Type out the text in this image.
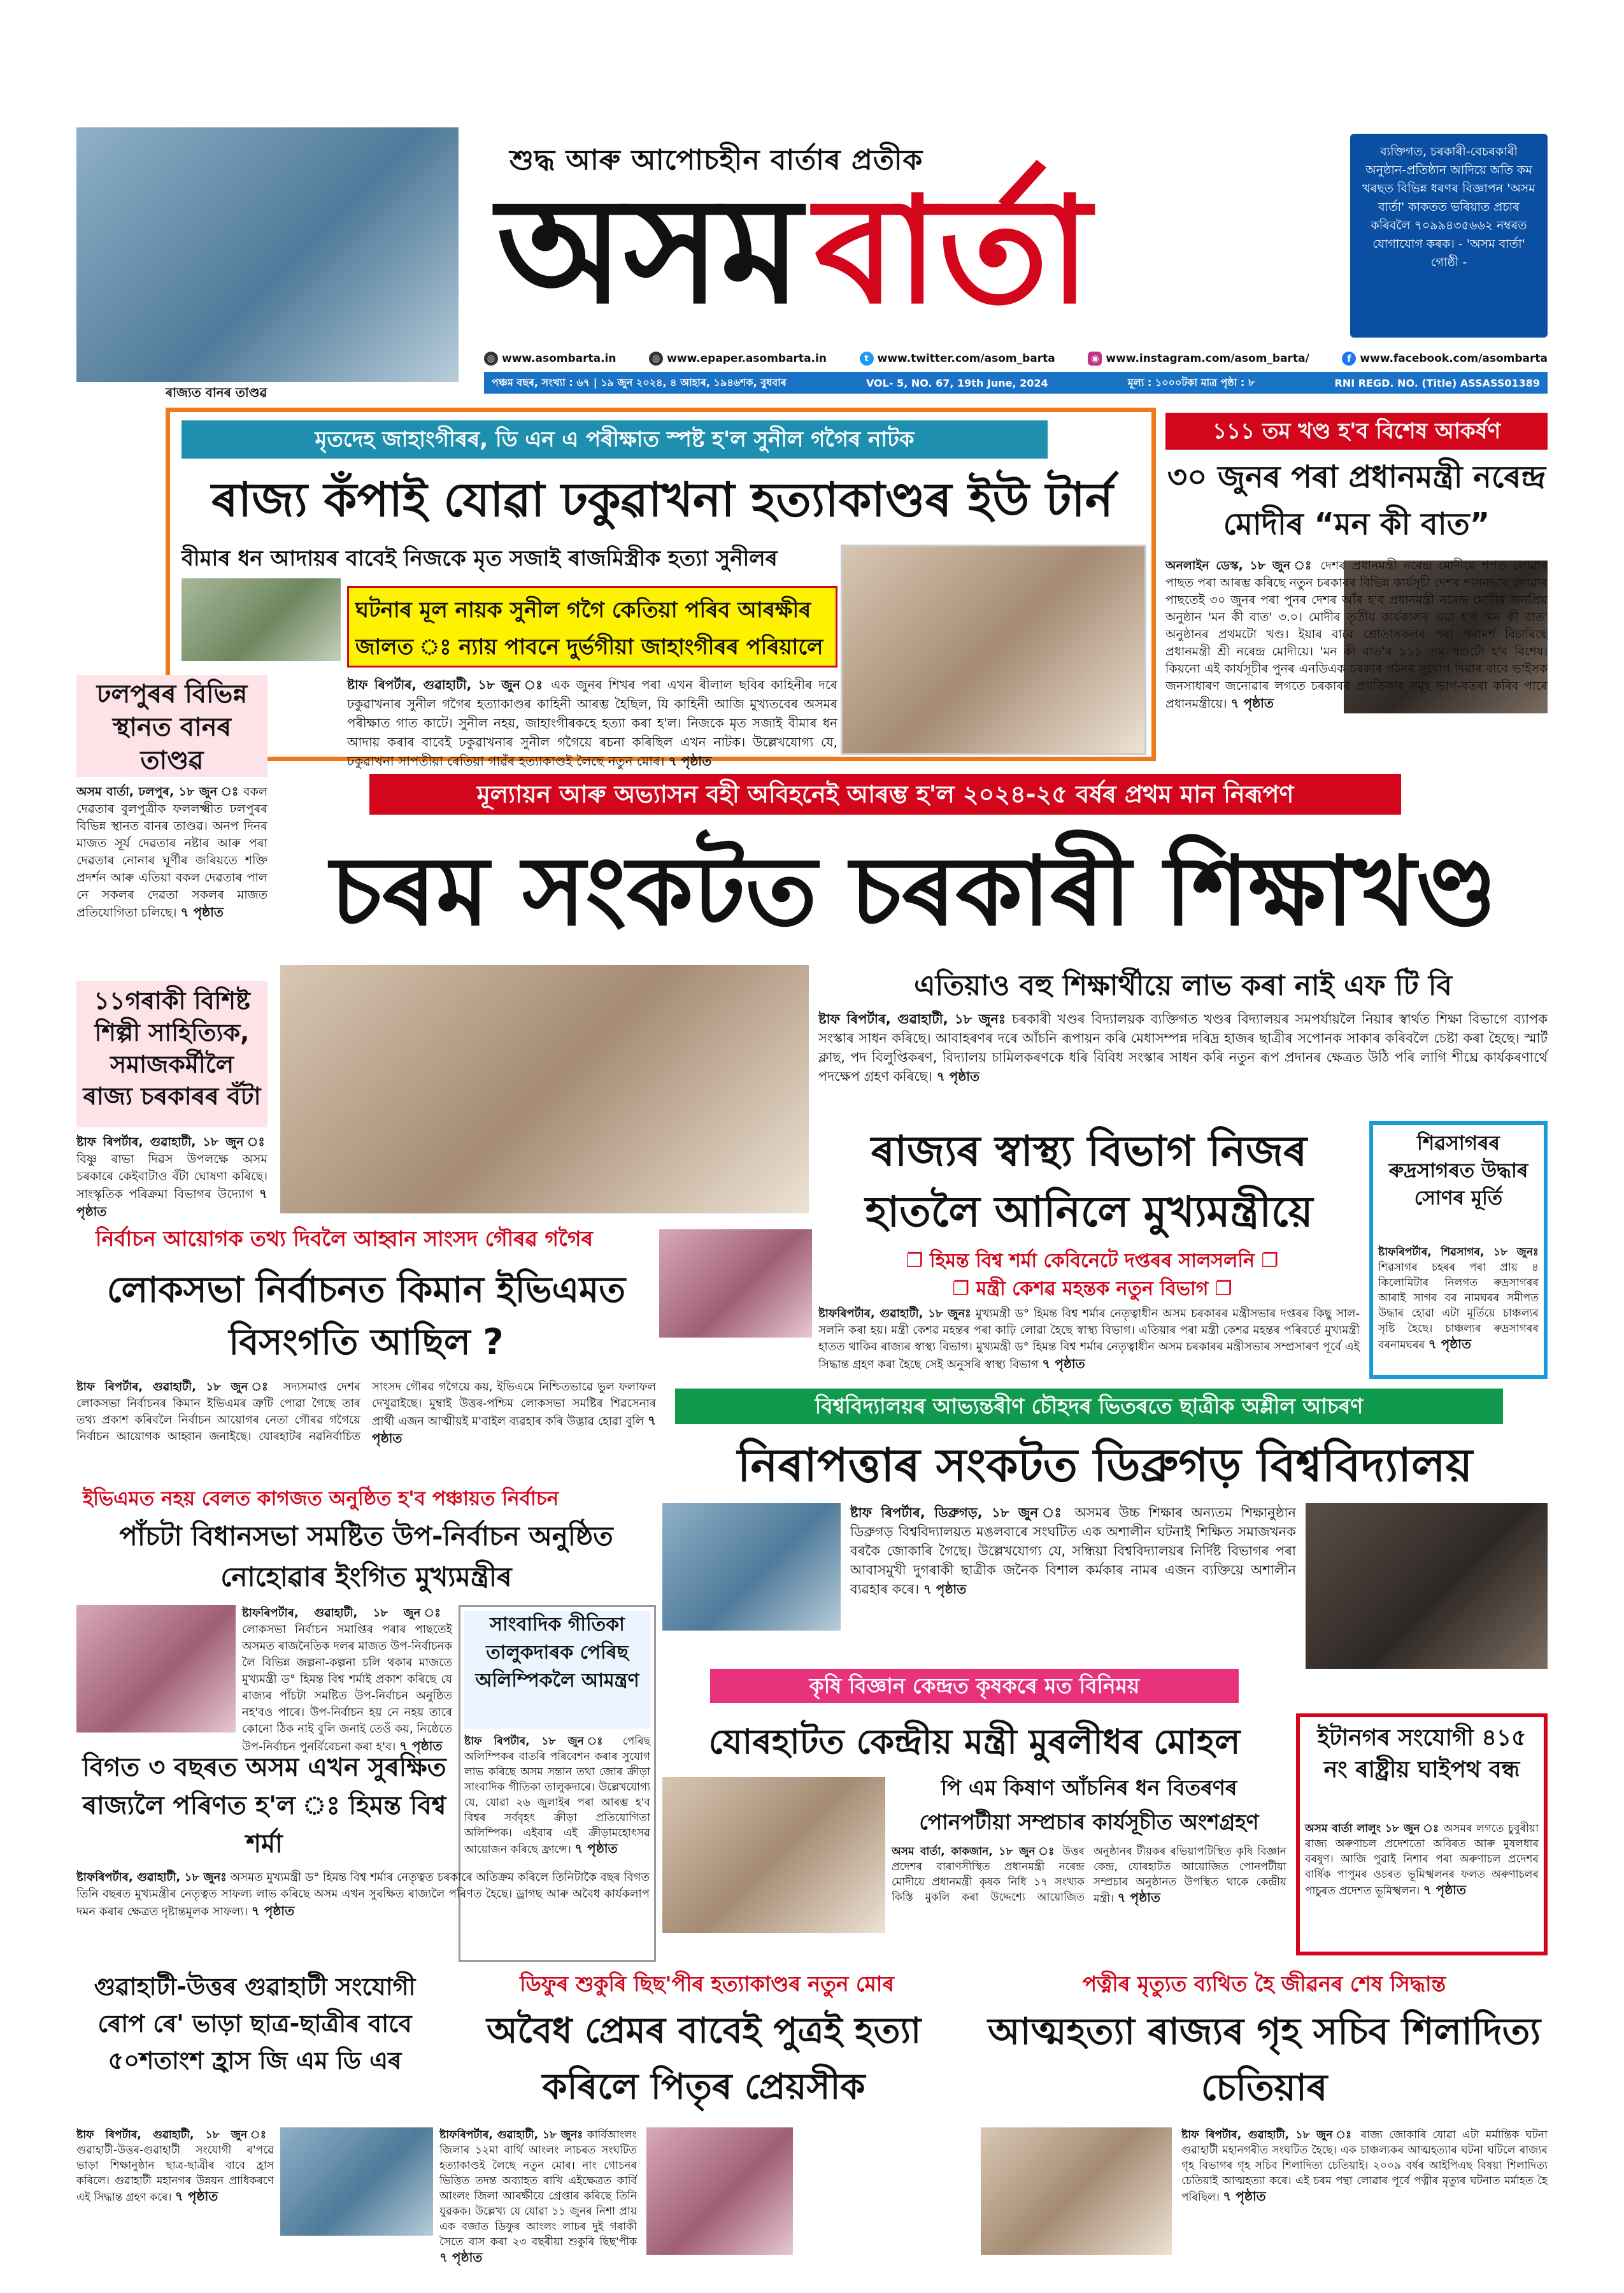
ৰাজ্যত বানৰ তাণ্ডৱ
শুদ্ধ আৰু আপোচহীন বাৰ্তাৰ প্ৰতীক
অসমবাৰ্তা
ব্যক্তিগত, চৰকাৰী-বেচৰকাৰী অনুষ্ঠান-প্ৰতিষ্ঠান আদিয়ে অতি কম খৰছত বিভিন্ন ধৰণৰ বিজ্ঞাপন 'অসম বাৰ্তা' কাকতত ভৰিয়াত প্ৰচাৰ কৰিবলৈ ৭০৯৯৪৩৫৬৬২ নম্বৰত যোগাযোগ কৰক। - 'অসম বাৰ্তা' গোষ্ঠী -
◎ www.asombarta.in	◎ www.epaper.asombarta.in	t www.twitter.com/asom_barta	◉ www.instagram.com/asom_barta/	f www.facebook.com/asombarta
পঞ্চম বছৰ, সংখ্যা : ৬৭ | ১৯ জুন ২০২৪, ৪ আহাৰ, ১৯৪৬শক, বুধবাৰ	VOL- 5, NO. 67, 19th June, 2024	মূল্য : ১০০০টকা মাত্ৰ পৃষ্ঠা : ৮	RNI REGD. NO. (Title) ASSASS01389
মৃতদেহ জাহাংগীৰৰ, ডি এন এ পৰীক্ষাত স্পষ্ট হ'ল সুনীল গগৈৰ নাটক
ৰাজ্য কঁপাই যোৱা ঢকুৱাখনা হত্যাকাণ্ডৰ ইউ টাৰ্ন
বীমাৰ ধন আদায়ৰ বাবেই নিজকে মৃত সজাই ৰাজমিস্ত্ৰীক হত্যা সুনীলৰ
ঘটনাৰ মূল নায়ক সুনীল গগৈ কেতিয়া পৰিব আৰক্ষীৰ জালত ঃ ন্যায় পাবনে দুৰ্ভগীয়া জাহাংগীৰৰ পৰিয়ালে
ষ্টাফ ৰিপৰ্টাৰ, গুৱাহাটী, ১৮ জুন ঃ এক জুনৰ শিখৰ পৰা এখন ৰীলাল ছবিৰ কাহিনীৰ দৰে ঢকুৱাখনাৰ সুনীল গগৈৰ হত্যাকাণ্ডৰ কাহিনী আৰম্ভ হৈছিল, যি কাহিনী আজি মুখ্যতবেৰ অসমৰ পৰীক্ষাত গাত কাটে। সুনীল নহয়, জাহাংগীৰকহে হত্যা কৰা হ'ল। নিজকে মৃত সজাই বীমাৰ ধন আদায় কৰাৰ বাবেই ঢকুৱাখনাৰ সুনীল গগৈয়ে ৰচনা কৰিছিল এখন নাটক। উল্লেখযোগ্য যে, ঢকুৱাখনা সাপতীয়া ৰেতিয়া গাৱঁৰ হত্যাকাণ্ডই লৈছে নতুন মোৰ। ৭ পৃষ্ঠাত
১১১ তম খণ্ড হ'ব বিশেষ আকৰ্ষণ
৩০ জুনৰ পৰা প্ৰধানমন্ত্ৰী নৰেন্দ্ৰ মোদীৰ “মন কী বাত”
অনলাইন ডেস্ক, ১৮ জুন ঃ দেশৰ প্ৰধানমন্ত্ৰী নৰেন্দ্ৰ মোদীয়ে শপত লোৱাৰ পাছত পৰা আৰম্ভ কৰিছে নতুন চৰকাৰৰ বিভিন্ন কাৰ্যসূচী দেশৰ শাসনভাৰ লোৱাৰ পাছতেই ৩০ জুনৰ পৰা পুনৰ দেশৰ আঁৰ হ'ব প্ৰধানমন্ত্ৰী নৰেন্দ্ৰ মোদীৰ জনপ্ৰিয় অনুষ্ঠান 'মন কী বাত' ৩.০। মোদীৰ তৃতীয় কাৰ্যকালৰ এয়া হ'ব 'মন কী বাত' অনুষ্ঠানৰ প্ৰথমটো খণ্ড। ইয়াৰ বাবে শ্ৰোতাসকলৰ পৰা পৰামৰ্শ বিচাৰিছে প্ৰধানমন্ত্ৰী শ্ৰী নৰেন্দ্ৰ মোদীয়ে। 'মন কী বাত'ৰ ১১১ তম খণ্ডটো হ'ব বিশেষ। কিয়নো এই কাৰ্যসূচীৰ পুনৰ এনডিএক চৰকাৰ গঠনৰ সুযোগ দিয়াৰ বাবে ভাইসক জনসাধাৰণ জনোৱাৰ লগতে চৰকাৰৰ প্ৰগতিকাৰ সমূহ ভাগ-বতৰা কৰিব পাৰে প্ৰধানমন্ত্ৰীয়ে। ৭ পৃষ্ঠাত
ঢলপুৰৰ বিভিন্ন স্থানত বানৰ তাণ্ডৱ
অসম বাৰ্তা, ঢলপুৰ, ১৮ জুন ঃ বকল দেৱতাৰ বুলপুত্ৰীক ফললক্ষ্মীত ঢলপুৰৰ বিভিন্ন স্থানত বানৰ তাণ্ডৱ। অনপ দিনৰ মাজত সূৰ্য দেৱতাৰ নষ্টাৰ আৰু পৰা দেৱতাৰ নোনাৰ ঘূৰ্ণীৰ জৰিয়তে শক্তি প্ৰদৰ্শন আৰু এতিয়া বকল দেৱতাৰ পাল নে সকলৰ দেৱতা সকলৰ মাজত প্ৰতিযোগিতা চলিছে। ৭ পৃষ্ঠাত
মূল্যায়ন আৰু অভ্যাসন বহী অবিহনেই আৰম্ভ হ'ল ২০২৪-২৫ বৰ্ষৰ প্ৰথম মান নিৰূপণ
চৰম সংকটত চৰকাৰী শিক্ষাখণ্ড
এতিয়াও বহু শিক্ষাৰ্থীয়ে লাভ কৰা নাই এফ টি বি
ষ্টাফ ৰিপৰ্টাৰ, গুৱাহাটী, ১৮ জুনঃ চৰকাৰী খণ্ডৰ বিদ্যালয়ক ব্যক্তিগত খণ্ডৰ বিদ্যালয়ৰ সমপৰ্যায়লৈ নিয়াৰ স্বাৰ্থত শিক্ষা বিভাগে ব্যাপক সংস্কাৰ সাধন কৰিছে। আবাহৰণৰ দৰে আঁচনি ৰূপায়ন কৰি মেধাসম্পন্ন দৰিদ্ৰ হাজৰ ছাত্ৰীৰ সপোনক সাকাৰ কৰিবলৈ চেষ্টা কৰা হৈছে। স্মাৰ্ট ক্লাছ, পদ বিলুপ্তিকৰণ, বিদ্যালয় চামিলকৰণকে ধৰি বিবিধ সংস্কাৰ সাধন কৰি নতুন ৰূপ প্ৰদানৰ ক্ষেত্ৰত উঠি পৰি লাগি শীঘ্ৰে কাৰ্যকৰণাৰ্থে পদক্ষেপ গ্ৰহণ কৰিছে। ৭ পৃষ্ঠাত
১১গৰাকী বিশিষ্ট শিল্পী সাহিত্যিক, সমাজকৰ্মীলৈ ৰাজ্য চৰকাৰৰ বঁটা
ষ্টাফ ৰিপৰ্টাৰ, গুৱাহাটী, ১৮ জুন ঃ বিষ্ণু ৰাভা দিৱস উপলক্ষে অসম চৰকাৰে কেইবাটাও বঁটা ঘোষণা কৰিছে। সাংস্কৃতিক পৰিক্ৰমা বিভাগৰ উদ্যোগ ৭ পৃষ্ঠাত
ৰাজ্যৰ স্বাস্থ্য বিভাগ নিজৰ হাতলৈ আনিলে মুখ্যমন্ত্ৰীয়ে
❐ হিমন্ত বিশ্ব শৰ্মা কেবিনেটে দপ্তৰৰ সালসলনি ❐
❐ মন্ত্ৰী কেশৱ মহন্তক নতুন বিভাগ ❐
ষ্টাফৰিপৰ্টাৰ, গুৱাহাটী, ১৮ জুনঃ মুখ্যমন্ত্ৰী ড° হিমন্ত বিশ্ব শৰ্মাৰ নেতৃত্বাধীন অসম চৰকাৰৰ মন্ত্ৰীসভাৰ দপ্তৰৰ কিছু সাল-সলনি কৰা হয়। মন্ত্ৰী কেশৱ মহন্তৰ পৰা কাঢ়ি লোৱা হৈছে স্বাস্থ্য বিভাগ। এতিয়াৰ পৰা মন্ত্ৰী কেশৱ মহন্তৰ পৰিবৰ্তে মুখ্যমন্ত্ৰী হাতত থাকিব ৰাজ্যৰ স্বাস্থ্য বিভাগ। মুখ্যমন্ত্ৰী ড° হিমন্ত বিশ্ব শৰ্মাৰ নেতৃত্বাধীন অসম চৰকাৰৰ মন্ত্ৰীসভাৰ সম্প্ৰসাৰণ পূৰ্বে এই সিদ্ধান্ত গ্ৰহণ কৰা হৈছে সেই অনুসৰি স্বাস্থ্য বিভাগ ৭ পৃষ্ঠাত
শিৱসাগৰৰ ৰুদ্ৰসাগৰত উদ্ধাৰ সোণৰ মূৰ্তি
ষ্টাফৰিপৰ্টাৰ, শিৱসাগৰ, ১৮ জুনঃ শিৱসাগৰ চহৰৰ পৰা প্ৰায় ৪ কিলোমিটাৰ নিলগত ৰুদ্ৰসাগৰৰ আৰাই সাগৰ বৰ নামঘৰৰ সমীপত উদ্ধাৰ হোৱা এটা মূৰ্তিয়ে চাঞ্চল্যৰ সৃষ্টি হৈছে। চাঞ্চল্যৰ ৰুদ্ৰসাগৰৰ বৰনামঘৰৰ ৭ পৃষ্ঠাত
নিৰ্বাচন আয়োগক তথ্য দিবলৈ আহ্বান সাংসদ গৌৰৱ গগৈৰ
লোকসভা নিৰ্বাচনত কিমান ইভিএমত বিসংগতি আছিল ?
ষ্টাফ ৰিপৰ্টাৰ, গুৱাহাটী, ১৮ জুন ঃ সদ্যসমাপ্ত দেশৰ লোকসভা নিৰ্বাচনৰ কিমান ইভিএমৰ ত্ৰুটি পোৱা গৈছে তাৰ তথ্য প্ৰকাশ কৰিবলৈ নিৰ্বাচন আয়োগৰ নেতা গৌৰৱ গগৈয়ে নিৰ্বাচন আয়োগক আহ্বান জনাইছে। যোৰহাটৰ নৱনিৰ্বাচিত সাংসদ গৌৰৱ গগৈয়ে কয়, ইভিএমে নিশ্চিতভাৱে ভুল ফলাফল দেখুৱাইছে। মুম্বাই উত্তৰ-পশ্চিম লোকসভা সমষ্টিৰ শিৱসেনাৰ প্ৰাৰ্থী এজন আত্মীয়ই ম'বাইল ব্যৱহাৰ কৰি উদ্ভাৱ হোৱা বুলি ৭ পৃষ্ঠাত
বিশ্ববিদ্যালয়ৰ আভ্যন্তৰীণ চৌহদৰ ভিতৰতে ছাত্ৰীক অশ্লীল আচৰণ
নিৰাপত্তাৰ সংকটত ডিব্ৰুগড় বিশ্ববিদ্যালয়
ষ্টাফ ৰিপৰ্টাৰ, ডিব্ৰুগড়, ১৮ জুন ঃ অসমৰ উচ্চ শিক্ষাৰ অন্যতম শিক্ষানুষ্ঠান ডিব্ৰুগড় বিশ্ববিদ্যালয়ত মঙলবাৰে সংঘটিত এক অশালীন ঘটনাই শিক্ষিত সমাজখনক বৰকৈ জোকাৰি গৈছে। উল্লেখযোগ্য যে, সন্ধিয়া বিশ্ববিদ্যালয়ৰ নিৰ্দিষ্ট বিভাগৰ পৰা আবাসমুখী দুগৰাকী ছাত্ৰীক জনৈক বিশাল কৰ্মকাৰ নামৰ এজন ব্যক্তিয়ে অশালীন ব্যৱহাৰ কৰে। ৭ পৃষ্ঠাত
ইভিএমত নহয় বেলত কাগজত অনুষ্ঠিত হ'ব পঞ্চায়ত নিৰ্বাচন
পাঁচটা বিধানসভা সমষ্টিত উপ-নিৰ্বাচন অনুষ্ঠিত নোহোৱাৰ ইংগিত মুখ্যমন্ত্ৰীৰ
ষ্টাফৰিপৰ্টাৰ, গুৱাহাটী, ১৮ জুন ঃ লোকসভা নিৰ্বাচন সমাপ্তিৰ পৰাৰ পাছতেই অসমত ৰাজনৈতিক দলৰ মাজত উপ-নিৰ্বাচনক লৈ বিভিন্ন জল্পনা-কল্পনা চলি থকাৰ মাজতে মুখ্যমন্ত্ৰী ড° হিমন্ত বিশ্ব শৰ্মাই প্ৰকাশ কৰিছে যে ৰাজ্যৰ পাঁচটা সমষ্টিত উপ-নিৰ্বাচন অনুষ্ঠিত নহ'বও পাৰে। উপ-নিৰ্বাচন হয় নে নহয় তাৰে কোনো ঠিক নাই বুলি জনাই তেওঁ কয়, নিষ্ঠেতে উপ-নিৰ্বাচন পুনৰ্বিবেচনা কৰা হ'ব। ৭ পৃষ্ঠাত
সাংবাদিক গীতিকা তালুকদাৰক পেৰিছ অলিম্পিকলৈ আমন্ত্ৰণ
ষ্টাফ ৰিপৰ্টাৰ, ১৮ জুন ঃ পেৰিছ অলিম্পিকৰ বাতৰি পৰিবেশন কৰাৰ সুযোগ লাভ কৰিছে অসম সন্তান তথা জোৰ ক্ৰীড়া সাংবাদিক গীতিকা তালুকদাৰে। উল্লেখযোগ্য যে, যোৱা ২৬ জুলাইৰ পৰা আৰম্ভ হ'ব বিশ্বৰ সৰ্ববৃহৎ ক্ৰীড়া প্ৰতিযোগিতা অলিম্পিক। এইবাৰ এই ক্ৰীড়ামহোৎসৱ আয়োজন কৰিছে ফ্ৰান্সে। ৭ পৃষ্ঠাত
বিগত ৩ বছৰত অসম এখন সুৰক্ষিত ৰাজ্যলৈ পৰিণত হ'ল ঃ হিমন্ত বিশ্ব শৰ্মা
ষ্টাফৰিপৰ্টাৰ, গুৱাহাটী, ১৮ জুনঃ অসমত মুখ্যমন্ত্ৰী ড° হিমন্ত বিশ্ব শৰ্মাৰ নেতৃত্বত চৰকাৰে অতিক্ৰম কৰিলে তিনিটাকৈ বছৰ বিগত তিনি বছৰত মুখ্যমন্ত্ৰীৰ নেতৃত্বত সাফল্য লাভ কৰিছে অসম এখন সুৰক্ষিত ৰাজ্যলৈ পৰিণত হৈছে। ড্ৰাগছ আৰু অবৈধ কাৰ্যকলাপ দমন কৰাৰ ক্ষেত্ৰত দৃষ্টান্তমূলক সাফল্য। ৭ পৃষ্ঠাত
কৃষি বিজ্ঞান কেন্দ্ৰত কৃষকৰে মত বিনিময়
যোৰহাটত কেন্দ্ৰীয় মন্ত্ৰী মুৰলীধৰ মোহল
পি এম কিষাণ আঁচনিৰ ধন বিতৰণৰ পোনপটীয়া সম্প্ৰচাৰ কাৰ্যসূচীত অংশগ্ৰহণ
অসম বাৰ্তা, কাকজান, ১৮ জুন ঃ উত্তৰ প্ৰদেশৰ বাৰাণসীস্থিত প্ৰধানমন্ত্ৰী নৰেন্দ্ৰ মোদীয়ে প্ৰধানমন্ত্ৰী কৃষক নিধি ১৭ সংখ্যক কিস্তি মুকলি কৰা উদ্দেশ্যে আয়োজিত অনুষ্ঠানৰ টীয়কৰ ৰভিয়াপটিস্থিত কৃষি বিজ্ঞান কেন্দ্ৰ, যোৰহাটত আয়োজিত পোনপটীয়া সম্প্ৰচাৰ অনুষ্ঠানত উপস্থিত থাকে কেন্দ্ৰীয় মন্ত্ৰী। ৭ পৃষ্ঠাত
ইটানগৰ সংযোগী ৪১৫ নং ৰাষ্ট্ৰীয় ঘাইপথ বন্ধ
অসম বাৰ্তা লালুং ১৮ জুন ঃ অসমৰ লগতে চুবুৰীয়া ৰাজ্য অৰুণাচল প্ৰদেশতো অবিৰত আৰু মুষলধাৰ বৰষুণ। আজি পুৱাই নিশাৰ পৰা অৰুণাচল প্ৰদেশৰ বাৰ্ষিক পাপুমৰ ওচৰত ভূমিস্খলনৰ ফলত অৰুণাচলৰ পাচুৰত প্ৰদেশত ভূমিস্খলন। ৭ পৃষ্ঠাত
গুৱাহাটী-উত্তৰ গুৱাহাটী সংযোগী ৰোপ ৰে' ভাড়া ছাত্ৰ-ছাত্ৰীৰ বাবে ৫০শতাংশ হ্ৰাস জি এম ডি এৰ
ষ্টাফ ৰিপৰ্টাৰ, গুৱাহাটী, ১৮ জুন ঃ গুৱাহাটী-উত্তৰ-গুৱাহাটী সংযোগী ৰ'পৱে ভাড়া শিক্ষানুষ্ঠান ছাত্ৰ-ছাত্ৰীৰ বাবে হ্ৰাস কৰিলে। গুৱাহাটী মহানগৰ উন্নয়ন প্ৰাধিকৰণে এই সিদ্ধান্ত গ্ৰহণ কৰে। ৭ পৃষ্ঠাত
ডিফুৰ শুকুৰি ছিছ'পীৰ হত্যাকাণ্ডৰ নতুন মোৰ
অবৈধ প্ৰেমৰ বাবেই পুত্ৰই হত্যা কৰিলে পিতৃৰ প্ৰেয়সীক
ষ্টাফৰিপৰ্টাৰ, গুৱাহাটী, ১৮ জুনঃ কাৰ্বিআংলং জিলাৰ ১২মা বাৰ্থি আংলং লাচৰত সংঘটিত হত্যাকাণ্ডই লৈছে নতুন মোৰ। নাং গোচনৰ ভিত্তিত তদন্ত অব্যাহত ৰাখি এইক্ষেত্ৰত কাৰ্বি আংলং জিলা আৰক্ষীয়ে গ্ৰেপ্তাৰ কৰিছে তিনি যুৱকক। উল্লেখ্য যে যোৱা ১১ জুনৰ নিশা প্ৰায় এক বজাত ডিফুৰ আংলং লাচৰ দুই গৰাকী সৈতে বাস কৰা ২৩ বছৰীয়া শুকুৰি ছিছ'পীক ৭ পৃষ্ঠাত
পত্নীৰ মৃত্যুত ব্যথিত হৈ জীৱনৰ শেষ সিদ্ধান্ত
আত্মহত্যা ৰাজ্যৰ গৃহ সচিব শিলাদিত্য চেতিয়াৰ
ষ্টাফ ৰিপৰ্টাৰ, গুৱাহাটী, ১৮ জুন ঃ ৰাজ্য জোকাৰি যোৱা এটা মৰ্মান্তিক ঘটনা গুৱাহাটী মহানগৰীত সংঘটিত হৈছে। এক চাঞ্চল্যকৰ আত্মহত্যাৰ ঘটনা ঘটিলে ৰাজ্যৰ গৃহ বিভাগৰ গৃহ সচিব শিলাদিত্য চেতিয়াই। ২০০৯ বৰ্ষৰ আইপিএছ বিষয়া শিলাদিত্য চেতিয়াই আত্মহত্যা কৰে। এই চৰম পন্থা লোৱাৰ পূৰ্বে পত্নীৰ মৃত্যুৰ ঘটনাত মৰ্মাহত হৈ পৰিছিল। ৭ পৃষ্ঠাত
